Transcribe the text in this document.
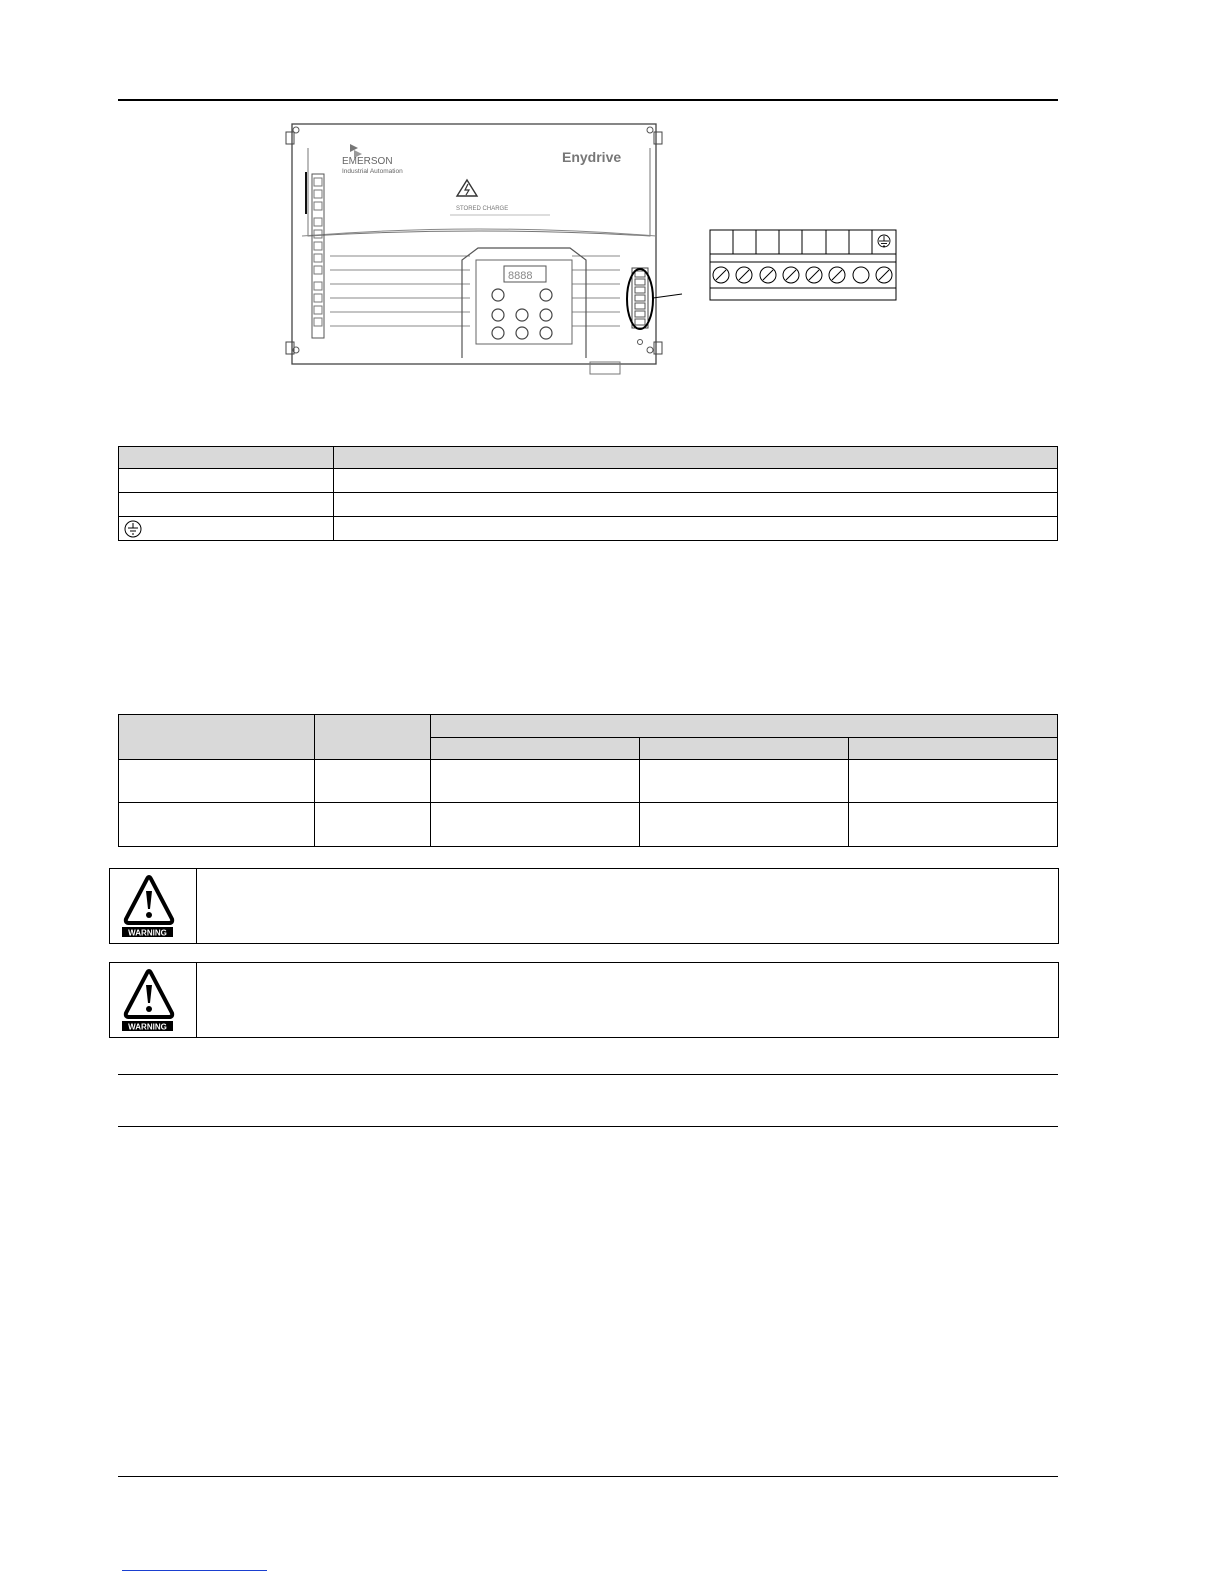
EMERSON
Industrial Automation
Enydrive
STORED CHARGE
8888

WARNING
WARNING
